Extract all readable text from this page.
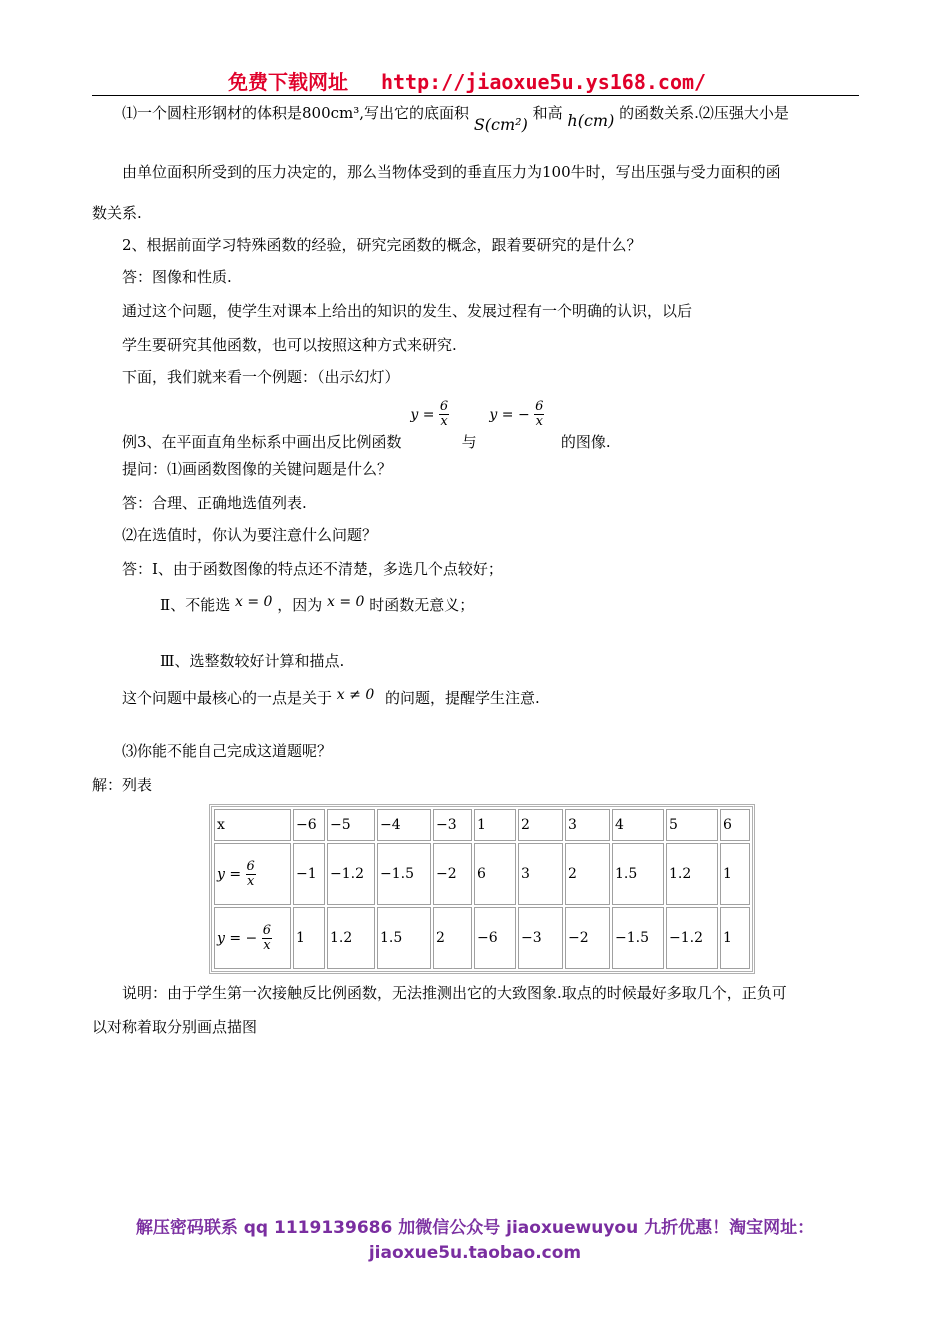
免费下载网址 http://jiaoxue5u.ys168.com/
⑴一个圆柱形钢材的体积是800cm³,写出它的底面积 S(cm²) 和高 h(cm) 的函数关系.⑵压强大小是
由单位面积所受到的压力决定的，那么当物体受到的垂直压力为100牛时，写出压强与受力面积的函
数关系.
2、根据前面学习特殊函数的经验，研究完函数的概念，跟着要研究的是什么？
答：图像和性质.
通过这个问题，使学生对课本上给出的知识的发生、发展过程有一个明确的认识，以后
学生要研究其他函数，也可以按照这种方式来研究.
下面，我们就来看一个例题：（出示幻灯）
例3、在平面直角坐标系中画出反比例函数 $y = \frac{6}{x}$
与 y = − $\frac{6}{x}$
的图像.
提问：⑴画函数图像的关键问题是什么？
答：合理、正确地选值列表.
⑵在选值时，你认为要注意什么问题？
答：Ⅰ、由于函数图像的特点还不清楚，多选几个点较好；
Ⅱ、不能选 x = 0 ，因为 x = 0 时函数无意义；
Ⅲ、选整数较好计算和描点.
这个问题中最核心的一点是关于 x ≠ 0 的问题，提醒学生注意.
⑶你能不能自己完成这道题呢？
解：列表
x	−6	−5	−4	−3	1	2	3	4	5	6
$y = \frac{6}{x}$	−1	−1.2	−1.5	−2	6	3	2	1.5	1.2	1
y = − $\frac{6}{x}$	1	1.2	1.5	2	−6	−3	−2	−1.5	−1.2	1
说明：由于学生第一次接触反比例函数，无法推测出它的大致图象.取点的时候最好多取几个，正负可
以对称着取分别画点描图
解压密码联系 qq 1119139686 加微信公众号 jiaoxuewuyou 九折优惠！淘宝网址：jiaoxue5u.taobao.com
